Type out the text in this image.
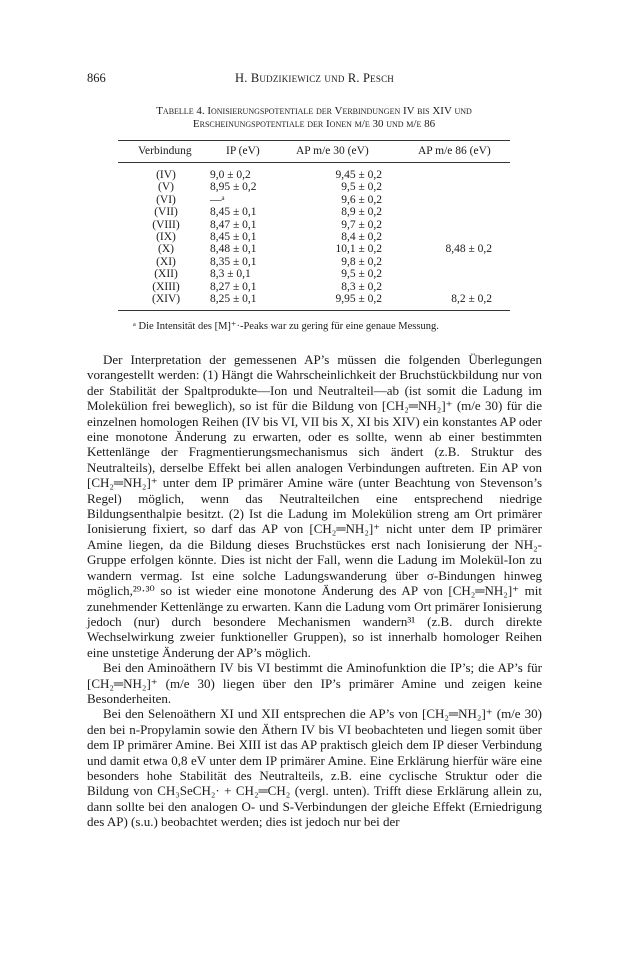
866	H. Budzikiewicz und R. Pesch
Tabelle 4. Ionisierungspotentiale der Verbindungen IV bis XIV und
Erscheinungspotentiale der Ionen m/e 30 und m/e 86
Verbindung	IP (eV)	AP m/e 30 (eV)	AP m/e 86 (eV)
(IV)	9,0 ± 0,2	9,45 ± 0,2
(V)	8,95 ± 0,2	9,5 ± 0,2
(VI)	—ᵃ	9,6 ± 0,2
(VII)	8,45 ± 0,1	8,9 ± 0,2
(VIII)	8,47 ± 0,1	9,7 ± 0,2
(IX)	8,45 ± 0,1	8,4 ± 0,2
(X)	8,48 ± 0,1	10,1 ± 0,2	8,48 ± 0,2
(XI)	8,35 ± 0,1	9,8 ± 0,2
(XII)	8,3 ± 0,1	9,5 ± 0,2
(XIII)	8,27 ± 0,1	8,3 ± 0,2
(XIV)	8,25 ± 0,1	9,95 ± 0,2	8,2 ± 0,2
ᵃ Die Intensität des [M]⁺·-Peaks war zu gering für eine genaue Messung.

Der Interpretation der gemessenen AP’s müssen die folgenden Überlegungen vorangestellt werden: (1) Hängt die Wahrscheinlichkeit der Bruchstückbildung nur von der Stabilität der Spaltprodukte—Ion und Neutralteil—ab (ist somit die Ladung im Molekülion frei beweglich), so ist für die Bildung von [CH₂═NH₂]⁺ (m/e 30) für die einzelnen homologen Reihen (IV bis VI, VII bis X, XI bis XIV) ein konstantes AP oder eine monotone Änderung zu erwarten, oder es sollte, wenn ab einer bestimmten Kettenlänge der Fragmentierungsmechanismus sich ändert (z.B. Struktur des Neutralteils), derselbe Effekt bei allen analogen Verbindungen auftreten. Ein AP von [CH₂═NH₂]⁺ unter dem IP primärer Amine wäre (unter Beachtung von Stevenson’s Regel) möglich, wenn das Neutralteilchen eine entsprechend niedrige Bildungsenthalpie besitzt. (2) Ist die Ladung im Molekülion streng am Ort primärer Ionisierung fixiert, so darf das AP von [CH₂═NH₂]⁺ nicht unter dem IP primärer Amine liegen, da die Bildung dieses Bruchstückes erst nach Ionisierung der NH₂-Gruppe erfolgen könnte. Dies ist nicht der Fall, wenn die Ladung im Molekül-Ion zu wandern vermag. Ist eine solche Ladungswanderung über σ-Bindungen hinweg möglich,²⁹·³⁰ so ist wieder eine monotone Änderung des AP von [CH₂═NH₂]⁺ mit zunehmender Kettenlänge zu erwarten. Kann die Ladung vom Ort primärer Ionisierung jedoch (nur) durch besondere Mechanismen wandern³¹ (z.B. durch direkte Wechselwirkung zweier funktioneller Gruppen), so ist innerhalb homologer Reihen eine unstetige Änderung der AP’s möglich.

Bei den Aminoäthern IV bis VI bestimmt die Aminofunktion die IP’s; die AP’s für [CH₂═NH₂]⁺ (m/e 30) liegen über den IP’s primärer Amine und zeigen keine Besonderheiten.

Bei den Selenoäthern XI und XII entsprechen die AP’s von [CH₂═NH₂]⁺ (m/e 30) den bei n-Propylamin sowie den Äthern IV bis VI beobachteten und liegen somit über dem IP primärer Amine. Bei XIII ist das AP praktisch gleich dem IP dieser Verbindung und damit etwa 0,8 eV unter dem IP primärer Amine. Eine Erklärung hierfür wäre eine besonders hohe Stabilität des Neutralteils, z.B. eine cyclische Struktur oder die Bildung von CH₃SeCH₂· + CH₂═CH₂ (vergl. unten). Trifft diese Erklärung allein zu, dann sollte bei den analogen O- und S-Verbindungen der gleiche Effekt (Erniedrigung des AP) (s.u.) beobachtet werden; dies ist jedoch nur bei der
